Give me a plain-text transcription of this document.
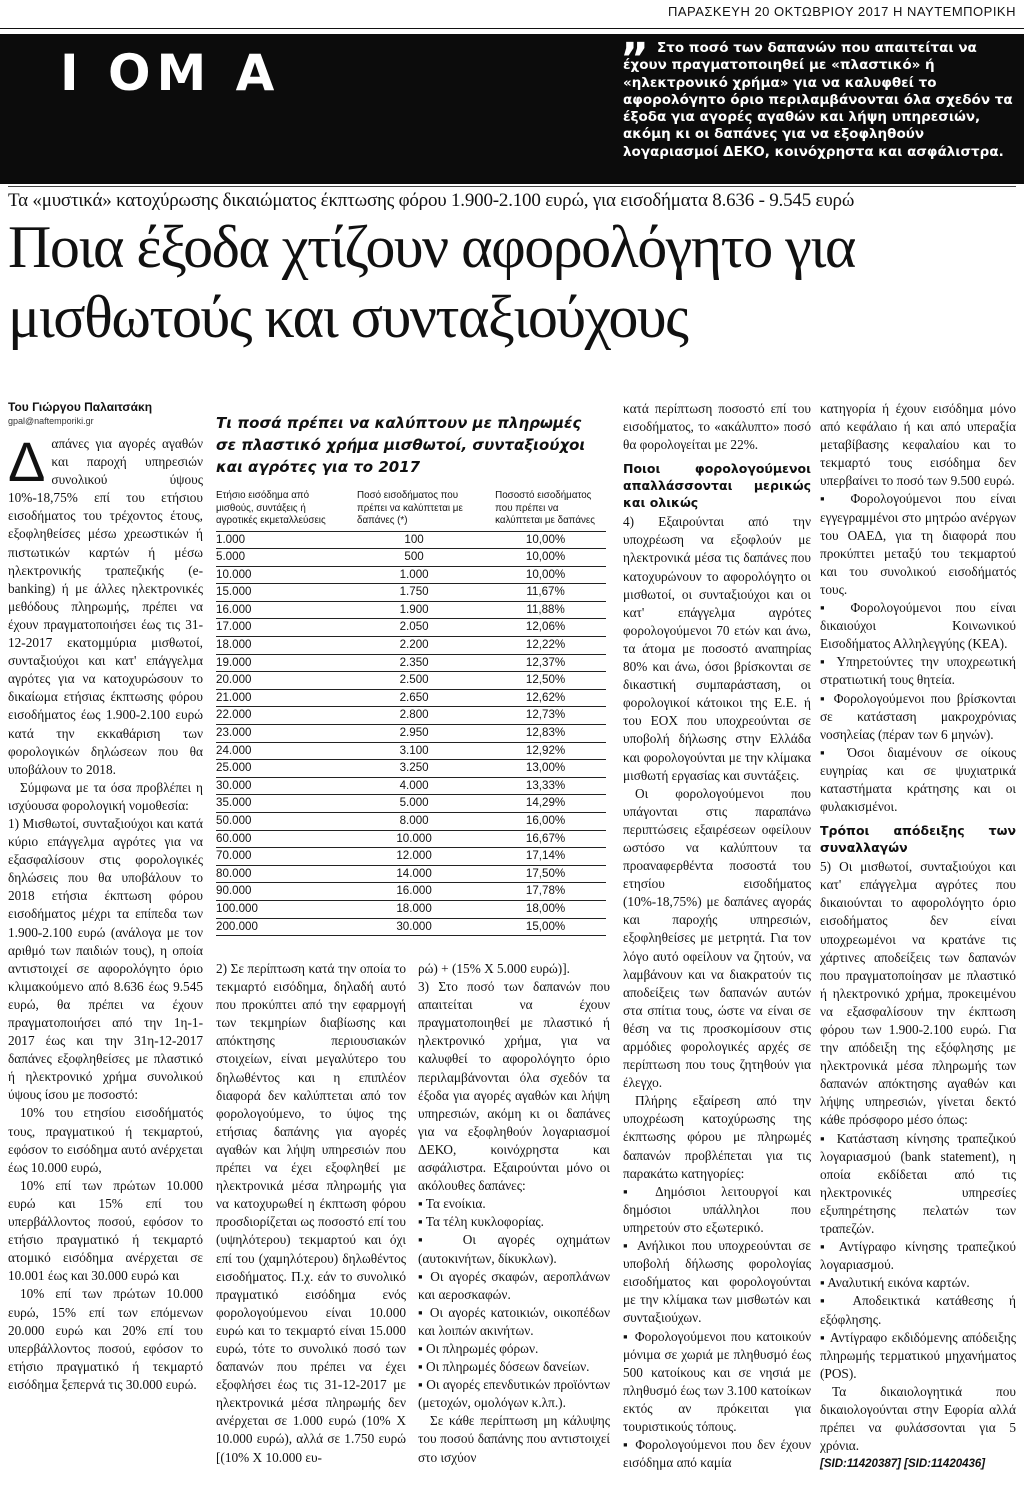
ΠΑΡΑΣΚΕΥΗ 20 ΟΚΤΩΒΡΙΟΥ 2017 Η ΝΑΥΤΕΜΠΟΡΙΚΗ
Ι ΟΜ Α	” Στο ποσό των δαπανών που απαιτείται να έχουν πραγματοποιηθεί με «πλαστικό» ή «ηλεκτρονικό χρήμα» για να καλυφθεί το αφορολόγητο όριο περιλαμβάνονται όλα σχεδόν τα έξοδα για αγορές αγαθών και λήψη υπηρεσιών, ακόμη κι οι δαπάνες για να εξοφληθούν λογαριασμοί ΔΕΚΟ, κοινόχρηστα και ασφάλιστρα.
Τα «μυστικά» κατοχύρωσης δικαιώματος έκπτωσης φόρου 1.900-2.100 ευρώ, για εισοδήματα 8.636 - 9.545 ευρώ
Ποια έξοδα χτίζουν αφορολόγητο για μισθωτούς και συνταξιούχους
Του Γιώργου Παλαιτσάκη
gpal@naftemporiki.gr
Δ απάνες για αγορές αγαθών και παροχή υπηρεσιών συνολικού ύψους 10%-18,75% επί του ετήσιου εισοδήματος του τρέχοντος έτους, εξοφληθείσες μέσω χρεωστικών ή πιστωτικών καρτών ή μέσω ηλεκτρονικής τραπεζικής (e-banking) ή με άλλες ηλεκτρονικές μεθόδους πληρωμής, πρέπει να έχουν πραγματοποιήσει έως τις 31-12-2017 εκατομμύρια μισθωτοί, συνταξιούχοι και κατ' επάγγελμα αγρότες για να κατοχυρώσουν το δικαίωμα ετήσιας έκπτωσης φόρου εισοδήματος έως 1.900-2.100 ευρώ κατά την εκκαθάριση των φορολογικών δηλώσεων που θα υποβάλουν το 2018.

Σύμφωνα με τα όσα προβλέπει η ισχύουσα φορολογική νομοθεσία:

1) Μισθωτοί, συνταξιούχοι και κατά κύριο επάγγελμα αγρότες για να εξασφαλίσουν στις φορολογικές δηλώσεις που θα υποβάλουν το 2018 ετήσια έκπτωση φόρου εισοδήματος μέχρι τα επίπεδα των 1.900-2.100 ευρώ (ανάλογα με τον αριθμό των παιδιών τους), η οποία αντιστοιχεί σε αφορολόγητο όριο κλιμακούμενο από 8.636 έως 9.545 ευρώ, θα πρέπει να έχουν πραγματοποιήσει από την 1η-1-2017 έως και την 31η-12-2017 δαπάνες εξοφληθείσες με πλαστικό ή ηλεκτρονικό χρήμα συνολικού ύψους ίσου με ποσοστό:

10% του ετησίου εισοδήματός τους, πραγματικού ή τεκμαρτού, εφόσον το εισόδημα αυτό ανέρχεται έως 10.000 ευρώ,

10% επί των πρώτων 10.000 ευρώ και 15% επί του υπερβάλλοντος ποσού, εφόσον το ετήσιο πραγματικό ή τεκμαρτό ατομικό εισόδημα ανέρχεται σε 10.001 έως και 30.000 ευρώ και

10% επί των πρώτων 10.000 ευρώ, 15% επί των επόμενων 20.000 ευρώ και 20% επί του υπερβάλλοντος ποσού, εφόσον το ετήσιο πραγματικό ή τεκμαρτό εισόδημα ξεπερνά τις 30.000 ευρώ.

Τι ποσά πρέπει να καλύπτουν με πληρωμές σε πλαστικό χρήμα μισθωτοί, συνταξιούχοι και αγρότες για το 2017
Ετήσιο εισόδημα από μισθούς, συντάξεις ή αγροτικές εκμεταλλεύσεις	Ποσό εισοδήματος που πρέπει να καλύπτεται με δαπάνες (*)	Ποσοστό εισοδήματος που πρέπει να καλύπτεται με δαπάνες
1.000	100	10,00%
5.000	500	10,00%
10.000	1.000	10,00%
15.000	1.750	11,67%
16.000	1.900	11,88%
17.000	2.050	12,06%
18.000	2.200	12,22%
19.000	2.350	12,37%
20.000	2.500	12,50%
21.000	2.650	12,62%
22.000	2.800	12,73%
23.000	2.950	12,83%
24.000	3.100	12,92%
25.000	3.250	13,00%
30.000	4.000	13,33%
35.000	5.000	14,29%
50.000	8.000	16,00%
60.000	10.000	16,67%
70.000	12.000	17,14%
80.000	14.000	17,50%
90.000	16.000	17,78%
100.000	18.000	18,00%
200.000	30.000	15,00%

2) Σε περίπτωση κατά την οποία το τεκμαρτό εισόδημα, δηλαδή αυτό που προκύπτει από την εφαρμογή των τεκμηρίων διαβίωσης και απόκτησης περιουσιακών στοιχείων, είναι μεγαλύτερο του δηλωθέντος και η επιπλέον διαφορά δεν καλύπτεται από τον φορολογούμενο, το ύψος της ετήσιας δαπάνης για αγορές αγαθών και λήψη υπηρεσιών που πρέπει να έχει εξοφληθεί με ηλεκτρονικά μέσα πληρωμής για να κατοχυρωθεί η έκπτωση φόρου προσδιορίζεται ως ποσοστό επί του (υψηλότερου) τεκμαρτού και όχι επί του (χαμηλότερου) δηλωθέντος εισοδήματος. Π.χ. εάν το συνολικό πραγματικό εισόδημα ενός φορολογούμενου είναι 10.000 ευρώ και το τεκμαρτό είναι 15.000 ευρώ, τότε το συνολικό ποσό των δαπανών που πρέπει να έχει εξοφλήσει έως τις 31-12-2017 με ηλεκτρονικά μέσα πληρωμής δεν ανέρχεται σε 1.000 ευρώ (10% Χ 10.000 ευρώ), αλλά σε 1.750 ευρώ [(10% Χ 10.000 ευ-

ρώ) + (15% Χ 5.000 ευρώ)].

3) Στο ποσό των δαπανών που απαιτείται να έχουν πραγματοποιηθεί με πλαστικό ή ηλεκτρονικό χρήμα, για να καλυφθεί το αφορολόγητο όριο περιλαμβάνονται όλα σχεδόν τα έξοδα για αγορές αγαθών και λήψη υπηρεσιών, ακόμη κι οι δαπάνες για να εξοφληθούν λογαριασμοί ΔΕΚΟ, κοινόχρηστα και ασφάλιστρα. Εξαιρούνται μόνο οι ακόλουθες δαπάνες:

▪ Τα ενοίκια.

▪ Τα τέλη κυκλοφορίας.

▪ Οι αγορές οχημάτων (αυτοκινήτων, δίκυκλων).

▪ Οι αγορές σκαφών, αεροπλάνων και αεροσκαφών.

▪ Οι αγορές κατοικιών, οικοπέδων και λοιπών ακινήτων.

▪ Οι πληρωμές φόρων.

▪ Οι πληρωμές δόσεων δανείων.

▪ Οι αγορές επενδυτικών προϊόντων (μετοχών, ομολόγων κ.λπ.).

Σε κάθε περίπτωση μη κάλυψης του ποσού δαπάνης που αντιστοιχεί στο ισχύον

κατά περίπτωση ποσοστό επί του εισοδήματος, το «ακάλυπτο» ποσό θα φορολογείται με 22%.

Ποιοι φορολογούμενοι απαλλάσσονται μερικώς και ολικώς

4) Εξαιρούνται από την υποχρέωση να εξοφλούν με ηλεκτρονικά μέσα τις δαπάνες που κατοχυρώνουν το αφορολόγητο οι μισθωτοί, οι συνταξιούχοι και οι κατ' επάγγελμα αγρότες φορολογούμενοι 70 ετών και άνω, τα άτομα με ποσοστό αναπηρίας 80% και άνω, όσοι βρίσκονται σε δικαστική συμπαράσταση, οι φορολογικοί κάτοικοι της Ε.Ε. ή του ΕΟΧ που υποχρεούνται σε υποβολή δήλωσης στην Ελλάδα και φορολογούνται με την κλίμακα μισθωτή εργασίας και συντάξεις.

Οι φορολογούμενοι που υπάγονται στις παραπάνω περιπτώσεις εξαιρέσεων οφείλουν ωστόσο να καλύπτουν τα προαναφερθέντα ποσοστά του ετησίου εισοδήματος (10%-18,75%) με δαπάνες αγοράς και παροχής υπηρεσιών, εξοφληθείσες με μετρητά. Για τον λόγο αυτό οφείλουν να ζητούν, να λαμβάνουν και να διακρατούν τις αποδείξεις των δαπανών αυτών στα σπίτια τους, ώστε να είναι σε θέση να τις προσκομίσουν στις αρμόδιες φορολογικές αρχές σε περίπτωση που τους ζητηθούν για έλεγχο.

Πλήρης εξαίρεση από την υποχρέωση κατοχύρωσης της έκπτωσης φόρου με πληρωμές δαπανών προβλέπεται για τις παρακάτω κατηγορίες:

▪ Δημόσιοι λειτουργοί και δημόσιοι υπάλληλοι που υπηρετούν στο εξωτερικό.

▪ Ανήλικοι που υποχρεούνται σε υποβολή δήλωσης φορολογίας εισοδήματος και φορολογούνται με την κλίμακα των μισθωτών και συνταξιούχων.

▪ Φορολογούμενοι που κατοικούν μόνιμα σε χωριά με πληθυσμό έως 500 κατοίκους και σε νησιά με πληθυσμό έως των 3.100 κατοίκων εκτός αν πρόκειται για τουριστικούς τόπους.

▪ Φορολογούμενοι που δεν έχουν εισόδημα από καμία

κατηγορία ή έχουν εισόδημα μόνο από κεφάλαιο ή και από υπεραξία μεταβίβασης κεφαλαίου και το τεκμαρτό τους εισόδημα δεν υπερβαίνει το ποσό των 9.500 ευρώ.

▪ Φορολογούμενοι που είναι εγγεγραμμένοι στο μητρώο ανέργων του ΟΑΕΔ, για τη διαφορά που προκύπτει μεταξύ του τεκμαρτού και του συνολικού εισοδήματός τους.

▪ Φορολογούμενοι που είναι δικαιούχοι Κοινωνικού Εισοδήματος Αλληλεγγύης (ΚΕΑ).

▪ Υπηρετούντες την υποχρεωτική στρατιωτική τους θητεία.

▪ Φορολογούμενοι που βρίσκονται σε κατάσταση μακροχρόνιας νοσηλείας (πέραν των 6 μηνών).

▪ Όσοι διαμένουν σε οίκους ευγηρίας και σε ψυχιατρικά καταστήματα κράτησης και οι φυλακισμένοι.

Τρόποι απόδειξης των συναλλαγών

5) Οι μισθωτοί, συνταξιούχοι και κατ' επάγγελμα αγρότες που δικαιούνται το αφορολόγητο όριο εισοδήματος δεν είναι υποχρεωμένοι να κρατάνε τις χάρτινες αποδείξεις των δαπανών που πραγματοποίησαν με πλαστικό ή ηλεκτρονικό χρήμα, προκειμένου να εξασφαλίσουν την έκπτωση φόρου των 1.900-2.100 ευρώ. Για την απόδειξη της εξόφλησης με ηλεκτρονικά μέσα πληρωμής των δαπανών απόκτησης αγαθών και λήψης υπηρεσιών, γίνεται δεκτό κάθε πρόσφορο μέσο όπως:

▪ Κατάσταση κίνησης τραπεζικού λογαριασμού (bank statement), η οποία εκδίδεται από τις ηλεκτρονικές υπηρεσίες εξυπηρέτησης πελατών των τραπεζών.

▪ Αντίγραφο κίνησης τραπεζικού λογαριασμού.

▪ Αναλυτική εικόνα καρτών.

▪ Αποδεικτικά κατάθεσης ή εξόφλησης.

▪ Αντίγραφο εκδιδόμενης απόδειξης πληρωμής τερματικού μηχανήματος (POS).

Τα δικαιολογητικά που δικαιολογούνται στην Εφορία αλλά πρέπει να φυλάσσονται για 5 χρόνια.

[SID:11420387] [SID:11420436]
